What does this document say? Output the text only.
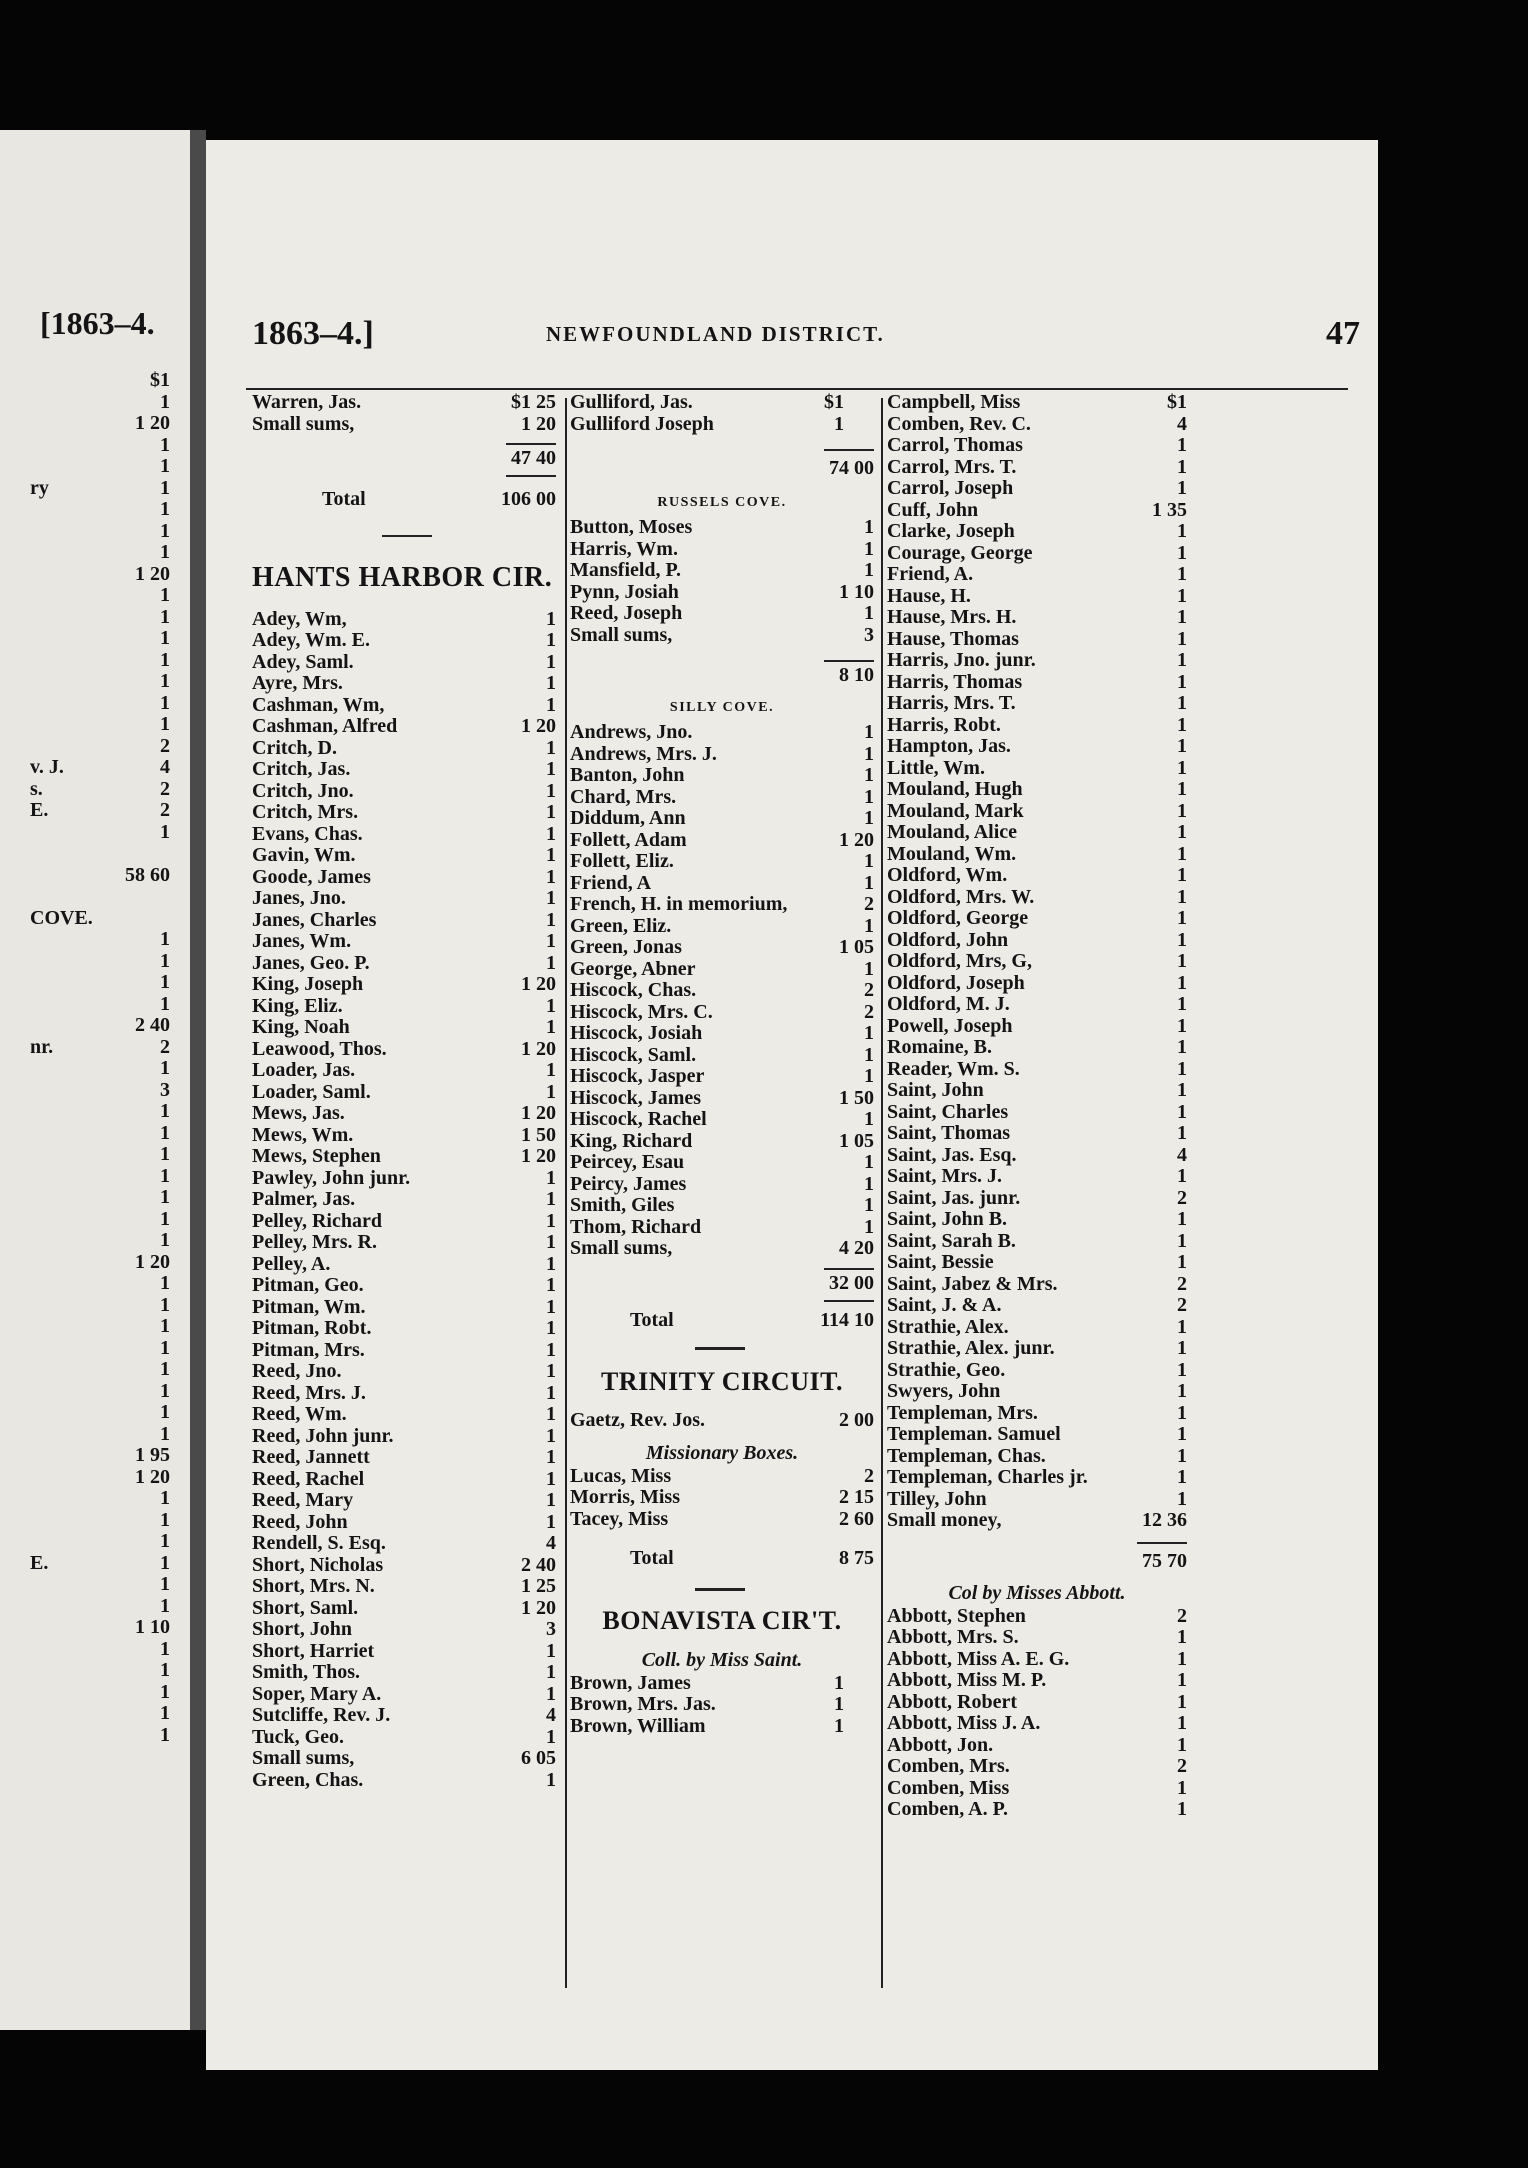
[1863–4.
$1
1
1 20
1
1
ry	1
1
1
1
1 20
1
1
1
1
1
1
1
2
v. J.	4
s.	2
E.	2
1
58 60
COVE.
1
1
1
1
2 40
nr.	2
1
3
1
1
1
1
1
1
1
1 20
1
1
1
1
1
1
1
1
1 95
1 20
1
1
1
E.	1
1
1
1 10
1
1
1
1
1
1863–4.]	NEWFOUNDLAND DISTRICT.	47
Warren, Jas.	$1 25
Small sums,	1 20
47 40
Total	106 00
HANTS HARBOR CIR.
Adey, Wm,	1
Adey, Wm. E.	1
Adey, Saml.	1
Ayre, Mrs.	1
Cashman, Wm,	1
Cashman, Alfred	1 20
Critch, D.	1
Critch, Jas.	1
Critch, Jno.	1
Critch, Mrs.	1
Evans, Chas.	1
Gavin, Wm.	1
Goode, James	1
Janes, Jno.	1
Janes, Charles	1
Janes, Wm.	1
Janes, Geo. P.	1
King, Joseph	1 20
King, Eliz.	1
King, Noah	1
Leawood, Thos.	1 20
Loader, Jas.	1
Loader, Saml.	1
Mews, Jas.	1 20
Mews, Wm.	1 50
Mews, Stephen	1 20
Pawley, John junr.	1
Palmer, Jas.	1
Pelley, Richard	1
Pelley, Mrs. R.	1
Pelley, A.	1
Pitman, Geo.	1
Pitman, Wm.	1
Pitman, Robt.	1
Pitman, Mrs.	1
Reed, Jno.	1
Reed, Mrs. J.	1
Reed, Wm.	1
Reed, John junr.	1
Reed, Jannett	1
Reed, Rachel	1
Reed, Mary	1
Reed, John	1
Rendell, S. Esq.	4
Short, Nicholas	2 40
Short, Mrs. N.	1 25
Short, Saml.	1 20
Short, John	3
Short, Harriet	1
Smith, Thos.	1
Soper, Mary A.	1
Sutcliffe, Rev. J.	4
Tuck, Geo.	1
Small sums,	6 05
Green, Chas.	1
Gulliford, Jas.	$1
Gulliford Joseph	1
74 00
RUSSELS COVE.
Button, Moses	1
Harris, Wm.	1
Mansfield, P.	1
Pynn, Josiah	1 10
Reed, Joseph	1
Small sums,	3
8 10
SILLY COVE.
Andrews, Jno.	1
Andrews, Mrs. J.	1
Banton, John	1
Chard, Mrs.	1
Diddum, Ann	1
Follett, Adam	1 20
Follett, Eliz.	1
Friend, A	1
French, H. in memorium,	2
Green, Eliz.	1
Green, Jonas	1 05
George, Abner	1
Hiscock, Chas.	2
Hiscock, Mrs. C.	2
Hiscock, Josiah	1
Hiscock, Saml.	1
Hiscock, Jasper	1
Hiscock, James	1 50
Hiscock, Rachel	1
King, Richard	1 05
Peircey, Esau	1
Peircy, James	1
Smith, Giles	1
Thom, Richard	1
Small sums,	4 20
32 00
Total	114 10
TRINITY CIRCUIT.
Gaetz, Rev. Jos.	2 00
Missionary Boxes.
Lucas, Miss	2
Morris, Miss	2 15
Tacey, Miss	2 60
Total	8 75
BONAVISTA CIR'T.
Coll. by Miss Saint.
Brown, James	1
Brown, Mrs. Jas.	1
Brown, William	1
Campbell, Miss	$1
Comben, Rev. C.	4
Carrol, Thomas	1
Carrol, Mrs. T.	1
Carrol, Joseph	1
Cuff, John	1 35
Clarke, Joseph	1
Courage, George	1
Friend, A.	1
Hause, H.	1
Hause, Mrs. H.	1
Hause, Thomas	1
Harris, Jno. junr.	1
Harris, Thomas	1
Harris, Mrs. T.	1
Harris, Robt.	1
Hampton, Jas.	1
Little, Wm.	1
Mouland, Hugh	1
Mouland, Mark	1
Mouland, Alice	1
Mouland, Wm.	1
Oldford, Wm.	1
Oldford, Mrs. W.	1
Oldford, George	1
Oldford, John	1
Oldford, Mrs, G,	1
Oldford, Joseph	1
Oldford, M. J.	1
Powell, Joseph	1
Romaine, B.	1
Reader, Wm. S.	1
Saint, John	1
Saint, Charles	1
Saint, Thomas	1
Saint, Jas. Esq.	4
Saint, Mrs. J.	1
Saint, Jas. junr.	2
Saint, John B.	1
Saint, Sarah B.	1
Saint, Bessie	1
Saint, Jabez & Mrs.	2
Saint, J. & A.	2
Strathie, Alex.	1
Strathie, Alex. junr.	1
Strathie, Geo.	1
Swyers, John	1
Templeman, Mrs.	1
Templeman. Samuel	1
Templeman, Chas.	1
Templeman, Charles jr.	1
Tilley, John	1
Small money,	12 36
75 70
Col by Misses Abbott.
Abbott, Stephen	2
Abbott, Mrs. S.	1
Abbott, Miss A. E. G.	1
Abbott, Miss M. P.	1
Abbott, Robert	1
Abbott, Miss J. A.	1
Abbott, Jon.	1
Comben, Mrs.	2
Comben, Miss	1
Comben, A. P.	1
